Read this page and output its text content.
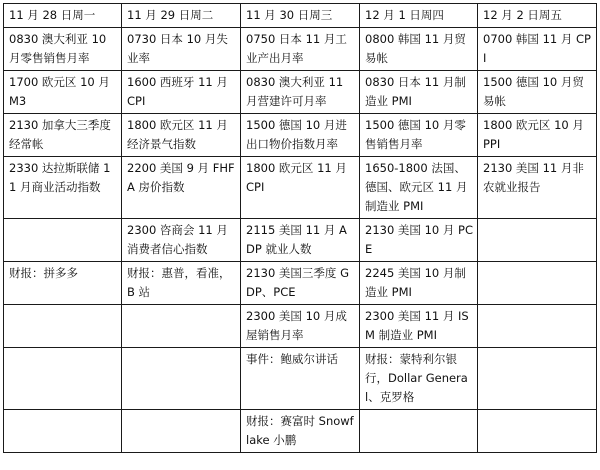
11 月 28 日周一	11 月 29 日周二	11 月 30 日周三	12 月 1 日周四	12 月 2 日周五
0830 澳大利亚 10 月零售销售月率	0730 日本 10 月失业率	0750 日本 11 月工业产出月率	0800 韩国 11 月贸易帐	0700 韩国 11 月 CPI
1700 欧元区 10 月 M3	1600 西班牙 11 月 CPI	0830 澳大利亚 11 月营建许可月率	0830 日本 11 月制造业 PMI	1500 德国 10 月贸易帐
2130 加拿大三季度经常帐	1800 欧元区 11 月经济景气指数	1500 德国 10 月进出口物价指数月率	1500 德国 10 月零售销售月率	1800 欧元区 10 月 PPI
2330 达拉斯联储 11 月商业活动指数	2200 美国 9 月 FHFA 房价指数	1800 欧元区 11 月 CPI	1650-1800 法国、德国、欧元区 11 月制造业 PMI	2130 美国 11 月非农就业报告
	2300 咨商会 11 月消费者信心指数	2115 美国 11 月 ADP 就业人数	2130 美国 10 月 PCE	
财报：拼多多	财报：惠普，看准，B 站	2130 美国三季度 GDP、PCE	2245 美国 10 月制造业 PMI	
		2300 美国 10 月成屋销售月率	2300 美国 11 月 ISM 制造业 PMI	
		事件：鲍威尔讲话	财报：蒙特利尔银行，Dollar General、克罗格	
		财报：赛富时 Snowflake 小鹏		
